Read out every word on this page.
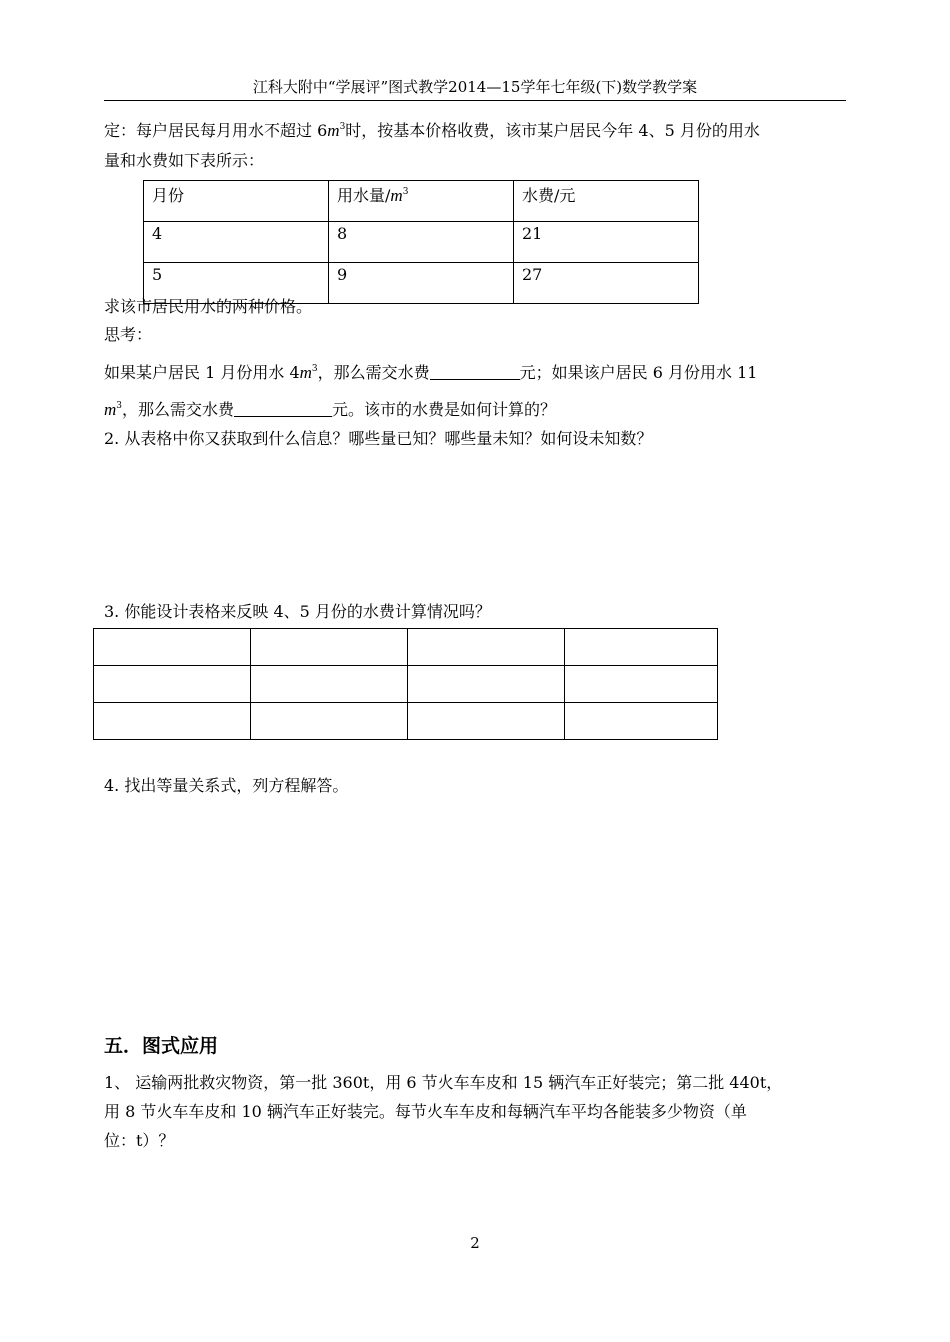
江科大附中“学展评”图式教学2014—15学年七年级(下)数学教学案
定：每户居民每月用水不超过 $6m^3$时，按基本价格收费，该市某户居民今年 4、5 月份的用水
量和水费如下表所示：
月份	用水量$/m^3$	水费/元
4	8	21
5	9	27
求该市居民用水的两种价格。
思考：
如果某户居民 1 月份用水 $4m^3$，那么需交水费	元；如果该户居民 6 月份用水 11
$m^3$，那么需交水费	元。该市的水费是如何计算的？
2. 从表格中你又获取到什么信息？哪些量已知？哪些量未知？如何设未知数？
3. 你能设计表格来反映 4、5 月份的水费计算情况吗？

4. 找出等量关系式，列方程解答。
五．图式应用
1、 运输两批救灾物资，第一批 360t，用 6 节火车车皮和 15 辆汽车正好装完；第二批 440t，
用 8 节火车车皮和 10 辆汽车正好装完。每节火车车皮和每辆汽车平均各能装多少物资（单
位：t）？
2
